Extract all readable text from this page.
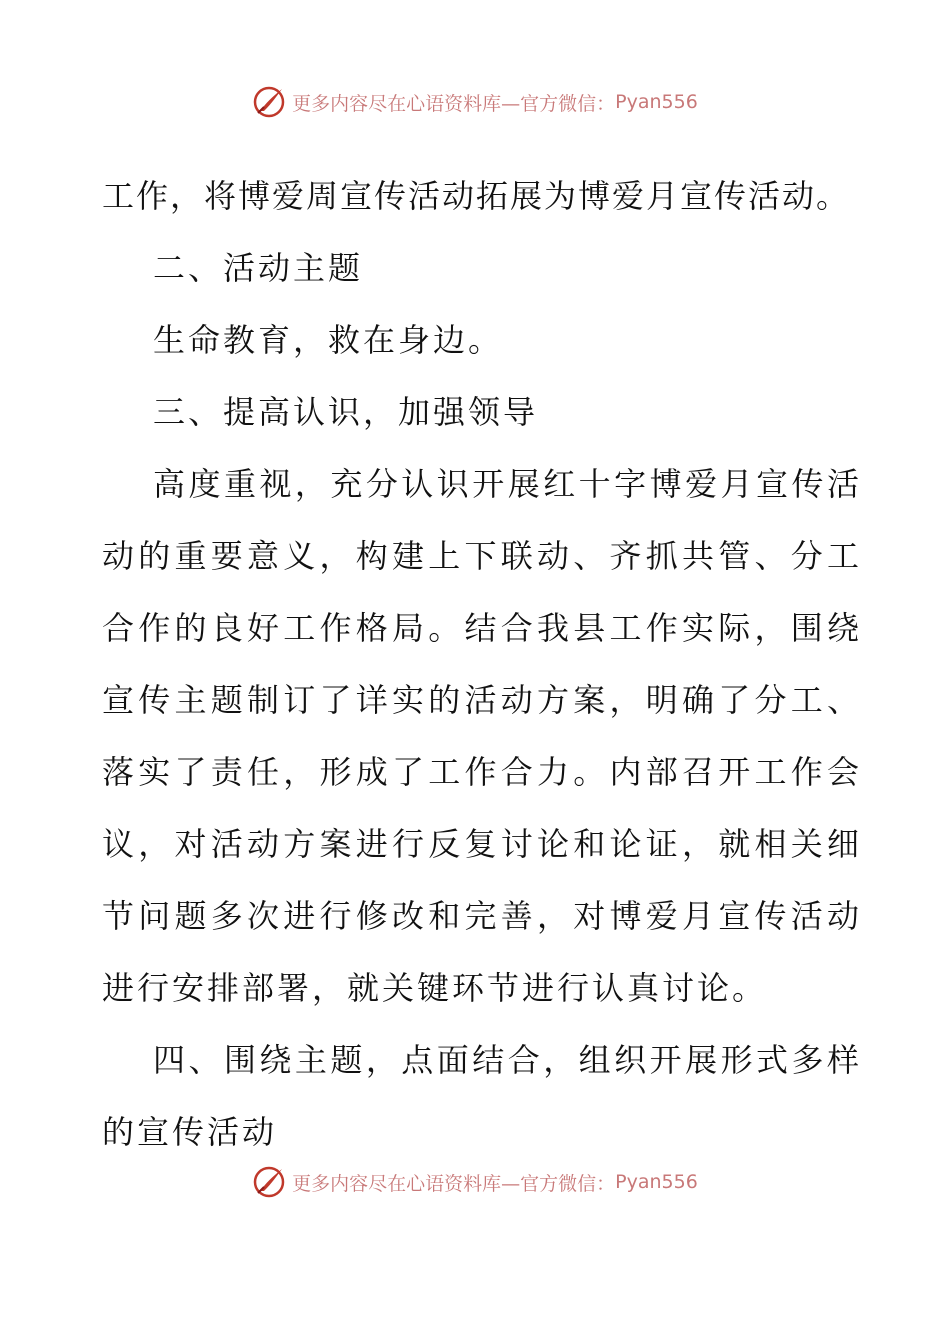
更多内容尽在心语资料库—官方微信： Pyan556

工作，将博爱周宣传活动拓展为博爱月宣传活动。

二、活动主题

生命教育，救在身边。

三、提高认识，加强领导

高度重视，充分认识开展红十字博爱月宣传活动的重要意义，构建上下联动、齐抓共管、分工合作的良好工作格局。结合我县工作实际，围绕宣传主题制订了详实的活动方案，明确了分工、落实了责任，形成了工作合力。内部召开工作会议，对活动方案进行反复讨论和论证，就相关细节问题多次进行修改和完善，对博爱月宣传活动进行安排部署，就关键环节进行认真讨论。

四、围绕主题，点面结合，组织开展形式多样的宣传活动

更多内容尽在心语资料库—官方微信： Pyan556
